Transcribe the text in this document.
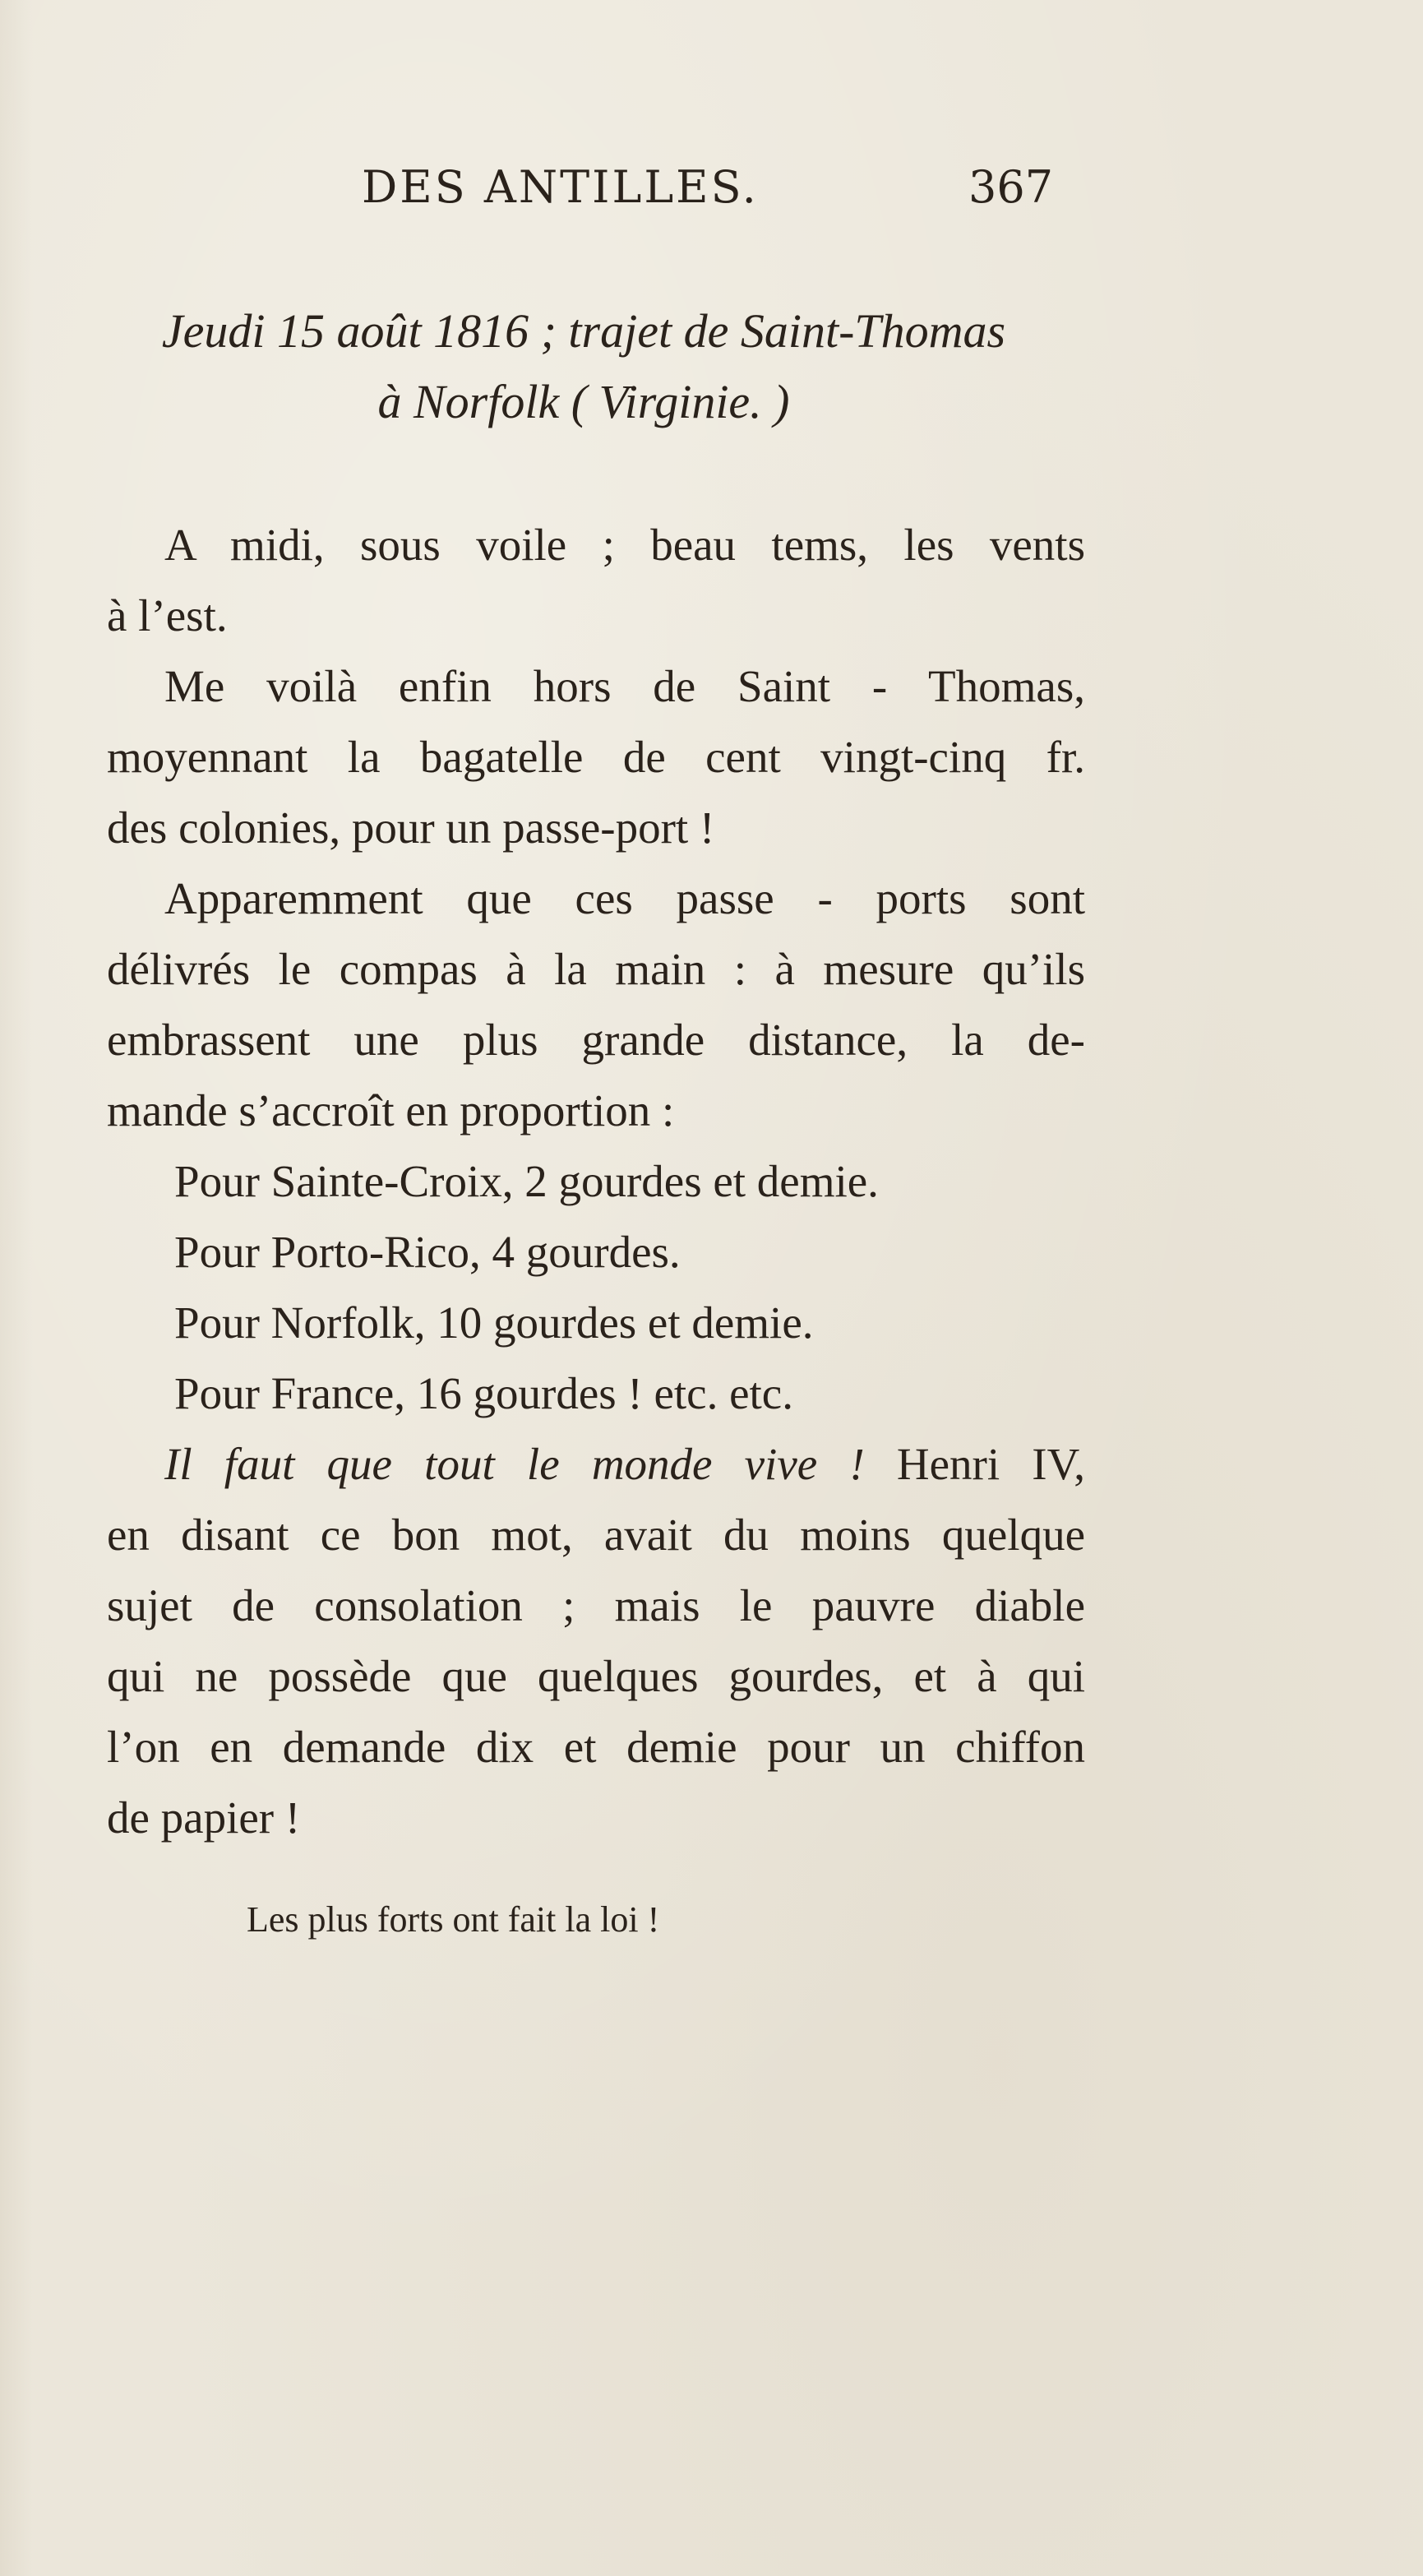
DES ANTILLES.	367
Jeudi 15 août 1816 ; trajet de Saint-Thomas
à Norfolk ( Virginie. )
A midi, sous voile ; beau tems, les vents
à l’est.
Me voilà enfin hors de Saint - Thomas,
moyennant la bagatelle de cent vingt-cinq fr.
des colonies, pour un passe-port !
Apparemment que ces passe - ports sont
délivrés le compas à la main : à mesure qu’ils
embrassent une plus grande distance, la de-
mande s’accroît en proportion :
Pour Sainte-Croix, 2 gourdes et demie.
Pour Porto-Rico, 4 gourdes.
Pour Norfolk, 10 gourdes et demie.
Pour France, 16 gourdes ! etc. etc.
Il faut que tout le monde vive ! Henri IV,
en disant ce bon mot, avait du moins quelque
sujet de consolation ; mais le pauvre diable
qui ne possède que quelques gourdes, et à qui
l’on en demande dix et demie pour un chiffon
de papier !
Les plus forts ont fait la loi !
